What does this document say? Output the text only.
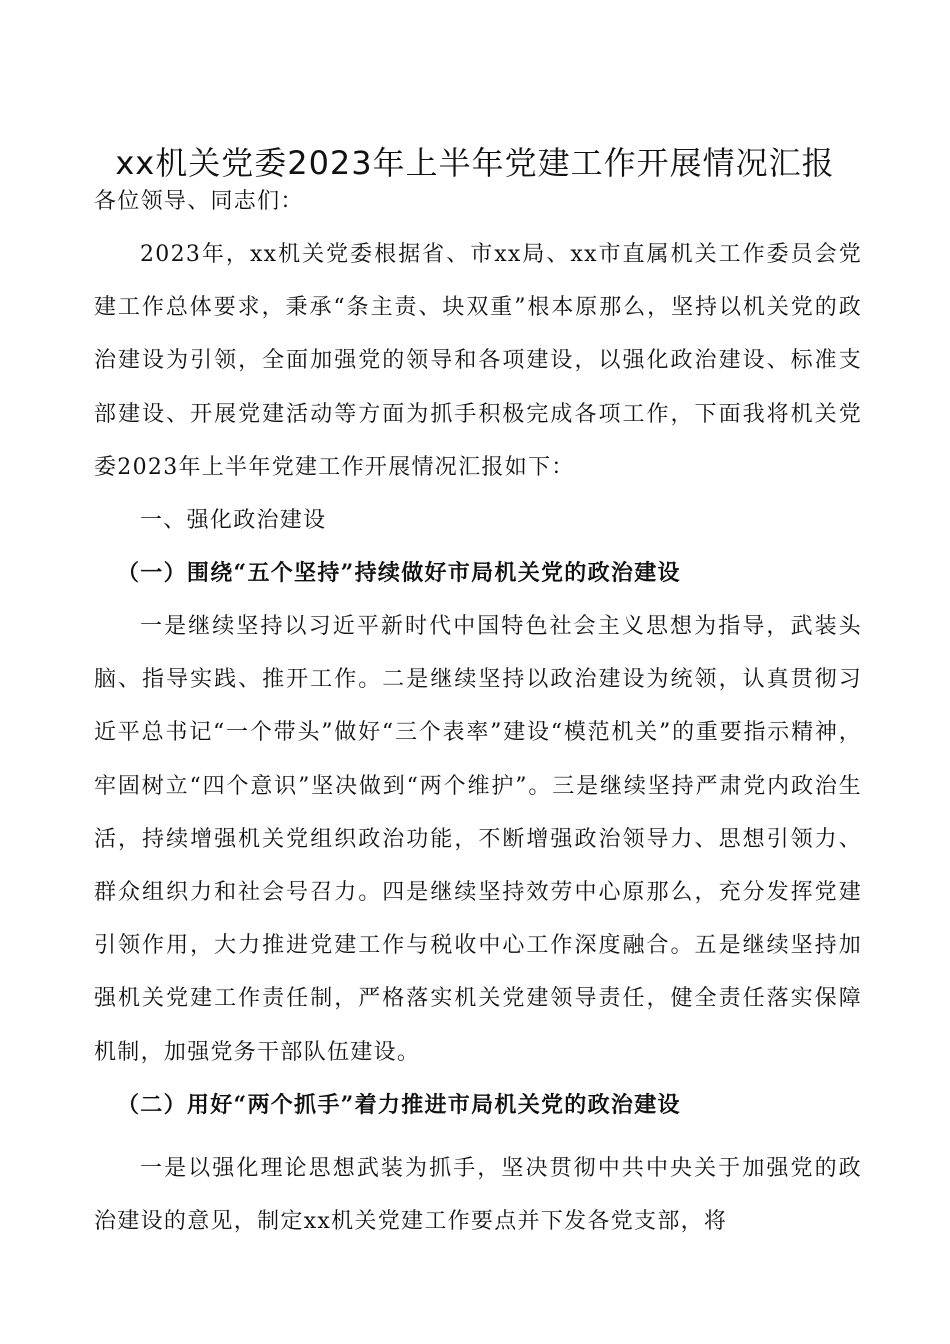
xx机关党委2023年上半年党建工作开展情况汇报

各位领导、同志们：

2023年，xx机关党委根据省、市xx局、xx市直属机关工作委员会党建工作总体要求，秉承“条主责、块双重”根本原那么，坚持以机关党的政治建设为引领，全面加强党的领导和各项建设，以强化政治建设、标准支部建设、开展党建活动等方面为抓手积极完成各项工作，下面我将机关党委2023年上半年党建工作开展情况汇报如下：

一、强化政治建设

（一）围绕“五个坚持”持续做好市局机关党的政治建设

一是继续坚持以习近平新时代中国特色社会主义思想为指导，武装头脑、指导实践、推开工作。二是继续坚持以政治建设为统领，认真贯彻习近平总书记“一个带头”做好“三个表率”建设“模范机关”的重要指示精神，牢固树立“四个意识”坚决做到“两个维护”。三是继续坚持严肃党内政治生活，持续增强机关党组织政治功能，不断增强政治领导力、思想引领力、群众组织力和社会号召力。四是继续坚持效劳中心原那么，充分发挥党建引领作用，大力推进党建工作与税收中心工作深度融合。五是继续坚持加强机关党建工作责任制，严格落实机关党建领导责任，健全责任落实保障机制，加强党务干部队伍建设。

（二）用好“两个抓手”着力推进市局机关党的政治建设

一是以强化理论思想武装为抓手，坚决贯彻中共中央关于加强党的政治建设的意见，制定xx机关党建工作要点并下发各党支部，将
